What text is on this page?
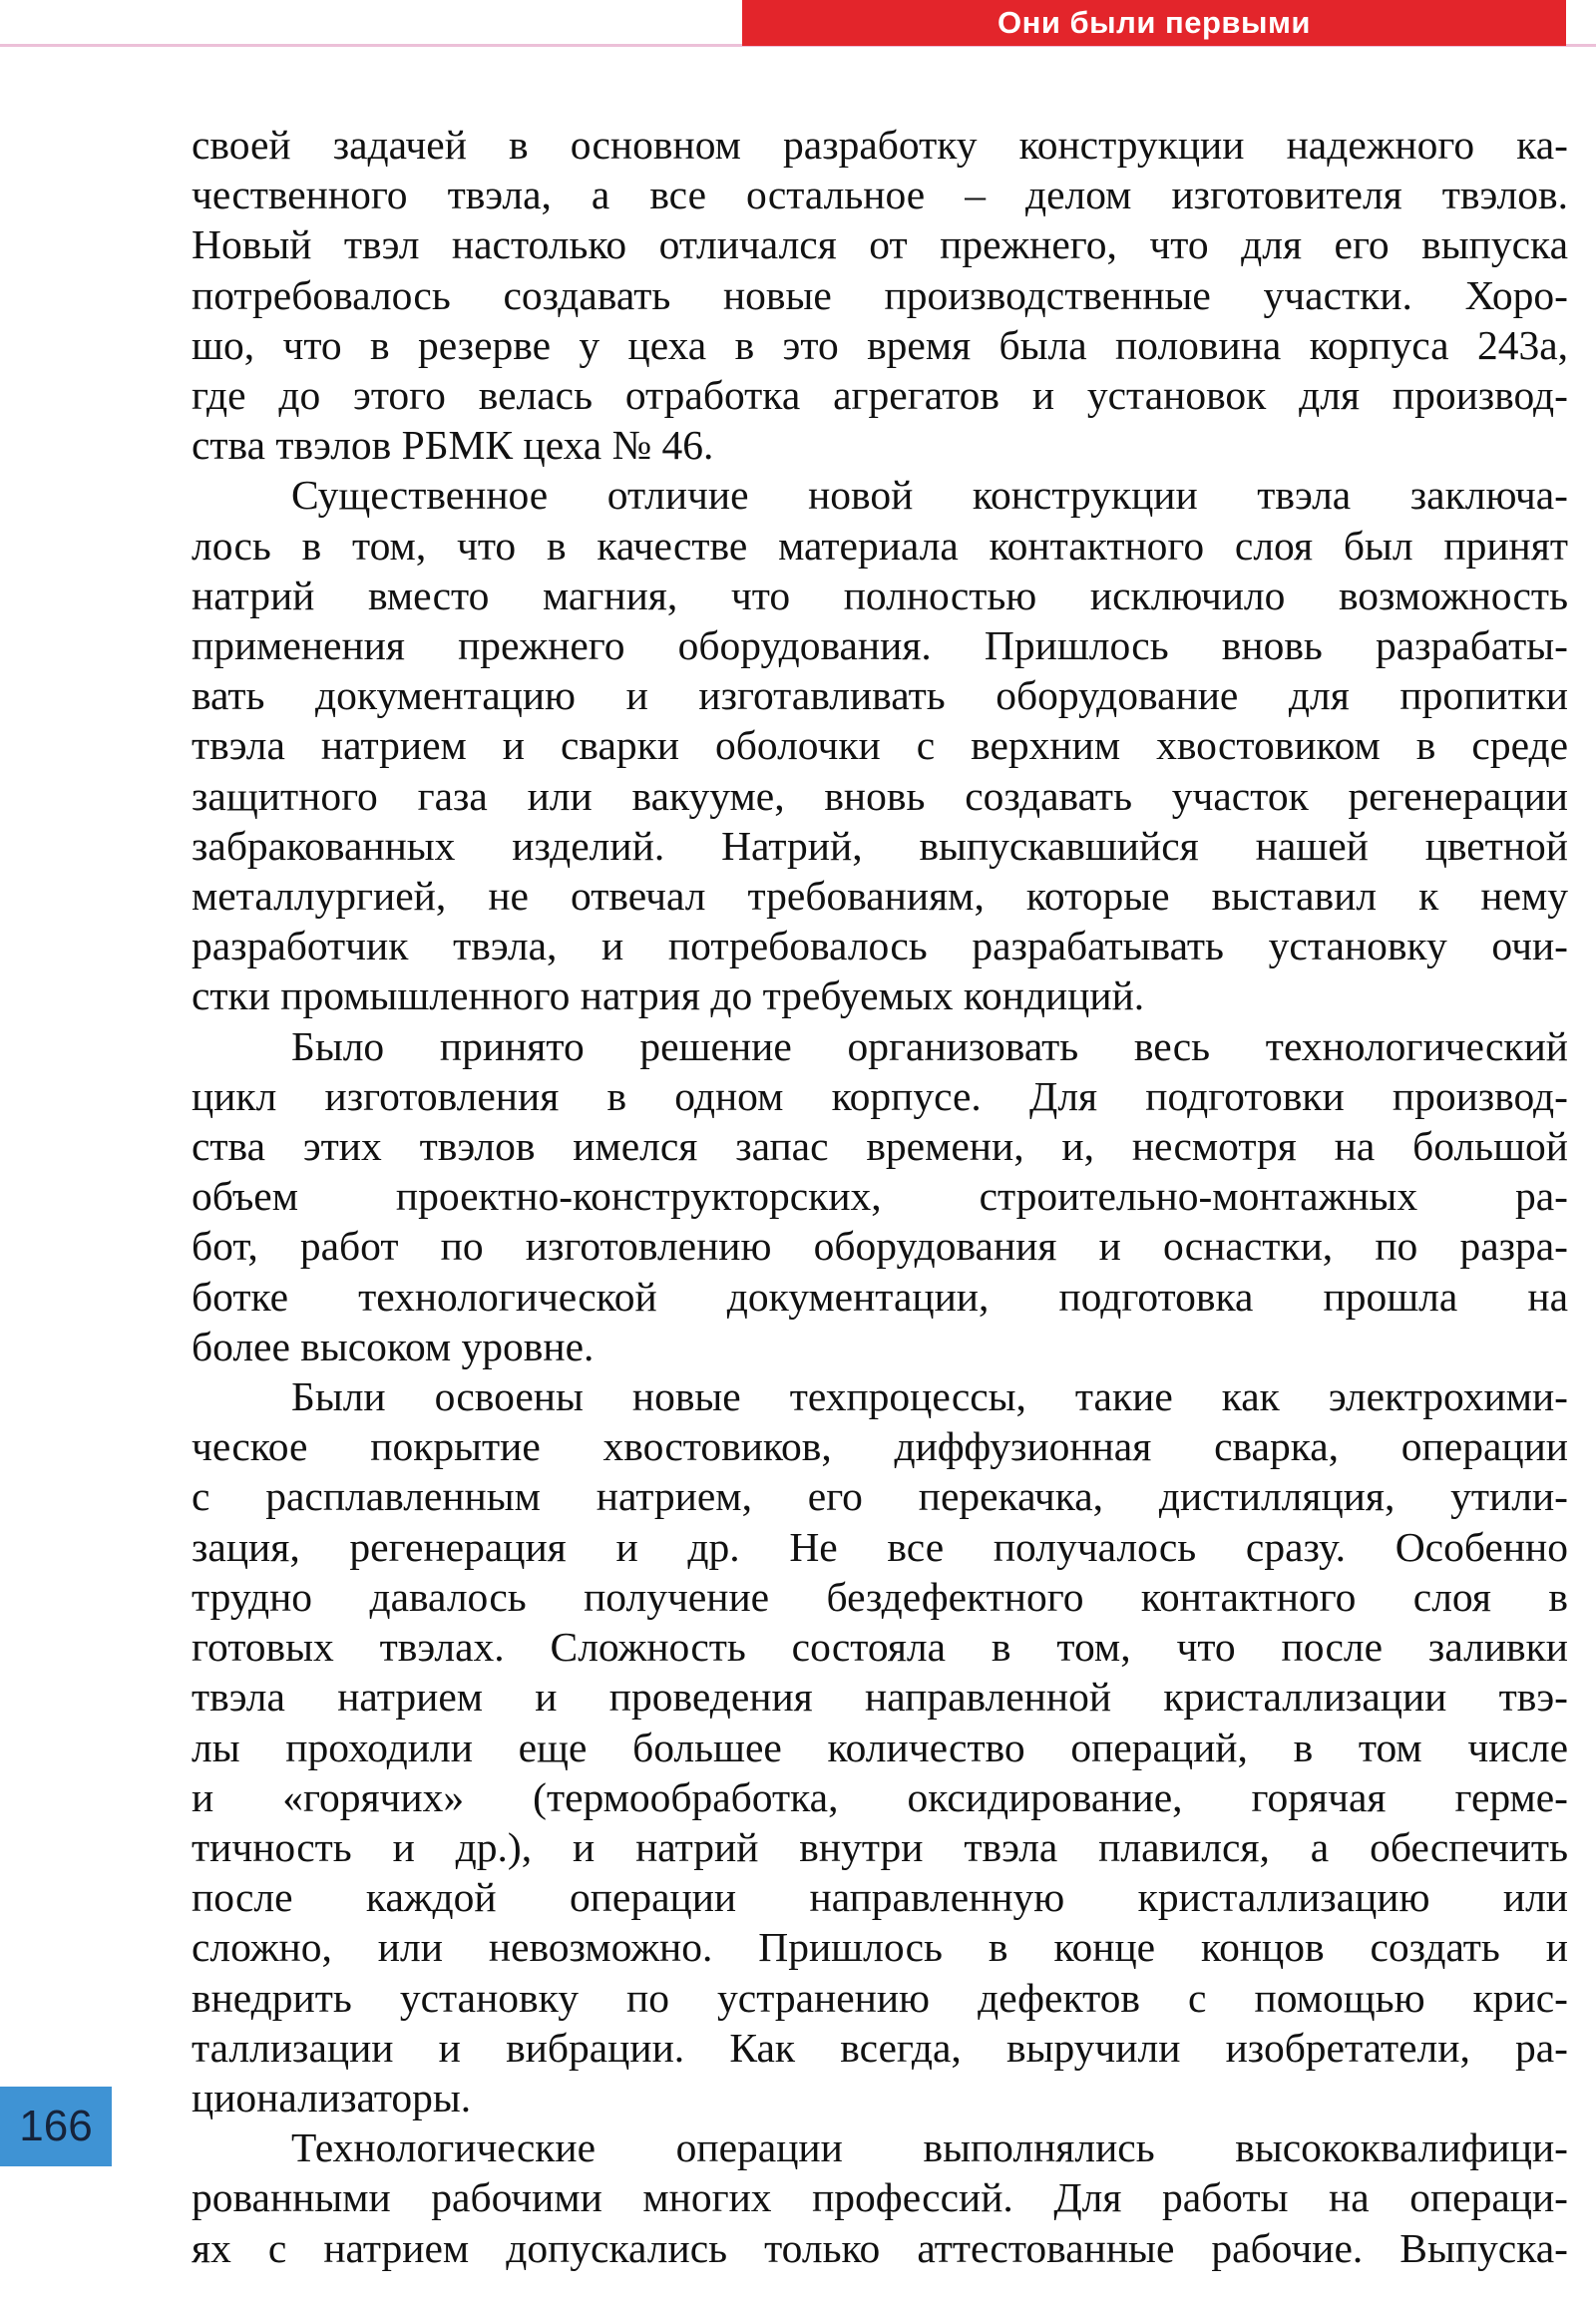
Они были первыми

своей задачей в основном разработку конструкции надежного ка-
чественного твэла, а все остальное – делом изготовителя твэлов.
Новый твэл настолько отличался от прежнего, что для его выпуска
потребовалось создавать новые производственные участки. Хоро-
шо, что в резерве у цеха в это время была половина корпуса 243а,
где до этого велась отработка агрегатов и установок для производ-
ства твэлов РБМК цеха № 46.

Существенное отличие новой конструкции твэла заключа-
лось в том, что в качестве материала контактного слоя был принят
натрий вместо магния, что полностью исключило возможность
применения прежнего оборудования. Пришлось вновь разрабаты-
вать документацию и изготавливать оборудование для пропитки
твэла натрием и сварки оболочки с верхним хвостовиком в среде
защитного газа или вакууме, вновь создавать участок регенерации
забракованных изделий. Натрий, выпускавшийся нашей цветной
металлургией, не отвечал требованиям, которые выставил к нему
разработчик твэла, и потребовалось разрабатывать установку очи-
стки промышленного натрия до требуемых кондиций.

Было принято решение организовать весь технологический
цикл изготовления в одном корпусе. Для подготовки производ-
ства этих твэлов имелся запас времени, и, несмотря на большой
объем проектно-конструкторских, строительно-монтажных ра-
бот, работ по изготовлению оборудования и оснастки, по разра-
ботке технологической документации, подготовка прошла на
более высоком уровне.

Были освоены новые техпроцессы, такие как электрохими-
ческое покрытие хвостовиков, диффузионная сварка, операции
с расплавленным натрием, его перекачка, дистилляция, утили-
зация, регенерация и др. Не все получалось сразу. Особенно
трудно давалось получение бездефектного контактного слоя в
готовых твэлах. Сложность состояла в том, что после заливки
твэла натрием и проведения направленной кристаллизации твэ-
лы проходили еще большее количество операций, в том числе
и «горячих» (термообработка, оксидирование, горячая герме-
тичность и др.), и натрий внутри твэла плавился, а обеспечить
после каждой операции направленную кристаллизацию или
сложно, или невозможно. Пришлось в конце концов создать и
внедрить установку по устранению дефектов с помощью крис-
таллизации и вибрации. Как всегда, выручили изобретатели, ра-
ционализаторы.

Технологические операции выполнялись высококвалифици-
рованными рабочими многих профессий. Для работы на операци-
ях с натрием допускались только аттестованные рабочие. Выпуска-

166
